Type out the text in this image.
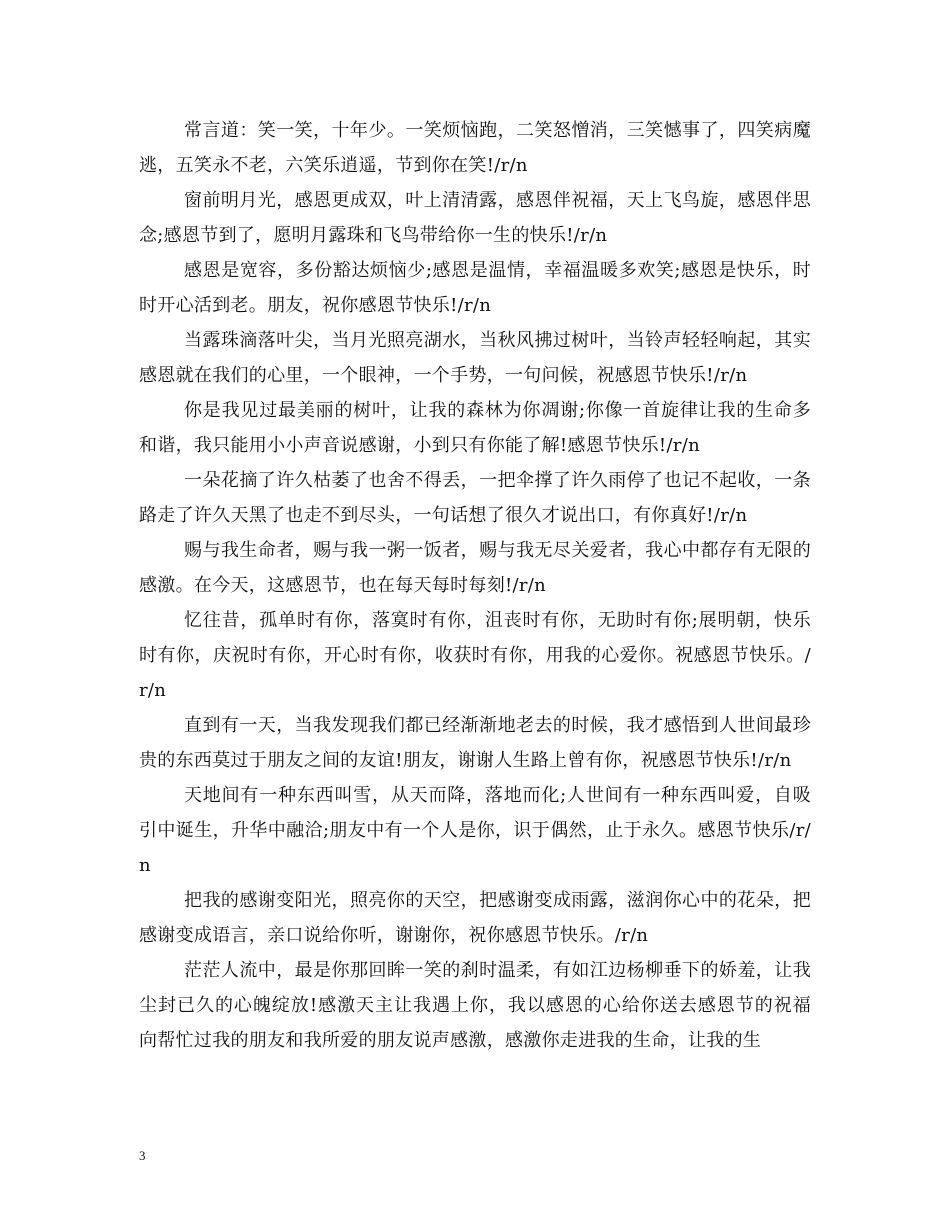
常言道：笑一笑，十年少。一笑烦恼跑，二笑怒憎消，三笑憾事了，四笑病魔逃，五笑永不老，六笑乐逍遥，节到你在笑!/r/n

窗前明月光，感恩更成双，叶上清清露，感恩伴祝福，天上飞鸟旋，感恩伴思念;感恩节到了，愿明月露珠和飞鸟带给你一生的快乐!/r/n

感恩是宽容，多份豁达烦恼少;感恩是温情，幸福温暖多欢笑;感恩是快乐，时时开心活到老。朋友，祝你感恩节快乐!/r/n

当露珠滴落叶尖，当月光照亮湖水，当秋风拂过树叶，当铃声轻轻响起，其实感恩就在我们的心里，一个眼神，一个手势，一句问候，祝感恩节快乐!/r/n

你是我见过最美丽的树叶，让我的森林为你凋谢;你像一首旋律让我的生命多和谐，我只能用小小声音说感谢，小到只有你能了解!感恩节快乐!/r/n

一朵花摘了许久枯萎了也舍不得丢，一把伞撑了许久雨停了也记不起收，一条路走了许久天黑了也走不到尽头，一句话想了很久才说出口，有你真好!/r/n

赐与我生命者，赐与我一粥一饭者，赐与我无尽关爱者，我心中都存有无限的感激。在今天，这感恩节，也在每天每时每刻!/r/n

忆往昔，孤单时有你，落寞时有你，沮丧时有你，无助时有你;展明朝，快乐时有你，庆祝时有你，开心时有你，收获时有你，用我的心爱你。祝感恩节快乐。/r/n

直到有一天，当我发现我们都已经渐渐地老去的时候，我才感悟到人世间最珍贵的东西莫过于朋友之间的友谊!朋友，谢谢人生路上曾有你，祝感恩节快乐!/r/n

天地间有一种东西叫雪，从天而降，落地而化;人世间有一种东西叫爱，自吸引中诞生，升华中融洽;朋友中有一个人是你，识于偶然，止于永久。感恩节快乐/r/n

把我的感谢变阳光，照亮你的天空，把感谢变成雨露，滋润你心中的花朵，把感谢变成语言，亲口说给你听，谢谢你，祝你感恩节快乐。/r/n

茫茫人流中，最是你那回眸一笑的刹时温柔，有如江边杨柳垂下的娇羞，让我尘封已久的心魄绽放!感激天主让我遇上你，我以感恩的心给你送去感恩节的祝福 向帮忙过我的朋友和我所爱的朋友说声感激，感激你走进我的生命，让我的生

3
